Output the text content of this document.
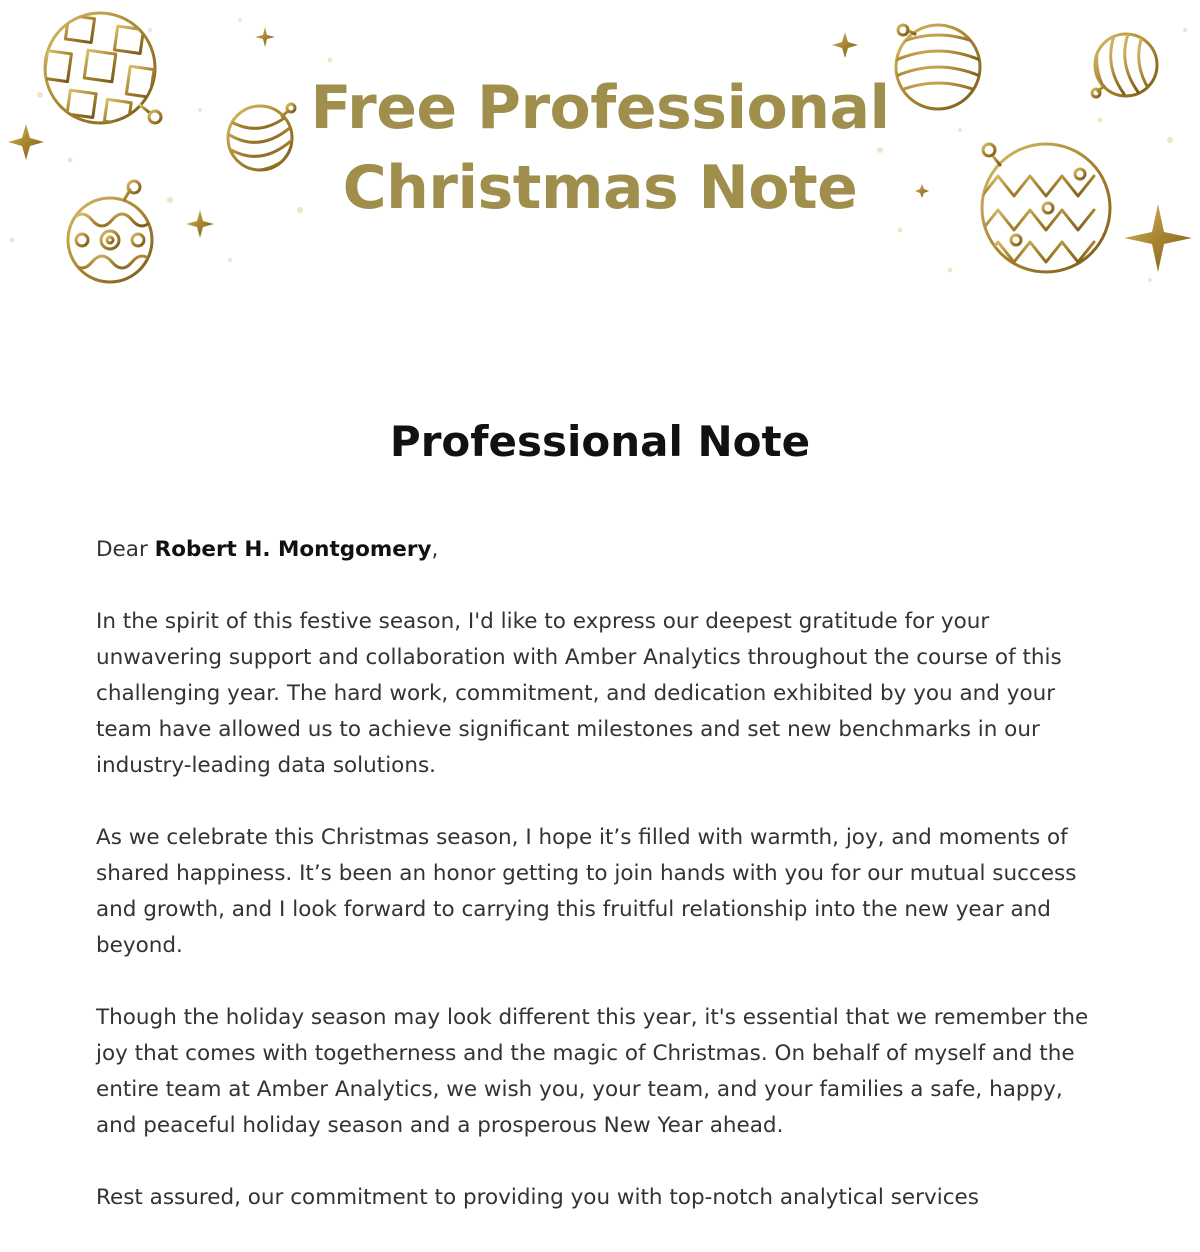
Free Professional
Christmas Note
Professional Note

Dear Robert H. Montgomery,

In the spirit of this festive season, I'd like to express our deepest gratitude for your unwavering support and collaboration with Amber Analytics throughout the course of this challenging year. The hard work, commitment, and dedication exhibited by you and your team have allowed us to achieve significant milestones and set new benchmarks in our industry-leading data solutions.

As we celebrate this Christmas season, I hope it’s filled with warmth, joy, and moments of shared happiness. It’s been an honor getting to join hands with you for our mutual success and growth, and I look forward to carrying this fruitful relationship into the new year and beyond.

Though the holiday season may look different this year, it's essential that we remember the joy that comes with togetherness and the magic of Christmas. On behalf of myself and the entire team at Amber Analytics, we wish you, your team, and your families a safe, happy, and peaceful holiday season and a prosperous New Year ahead.

Rest assured, our commitment to providing you with top-notch analytical services
